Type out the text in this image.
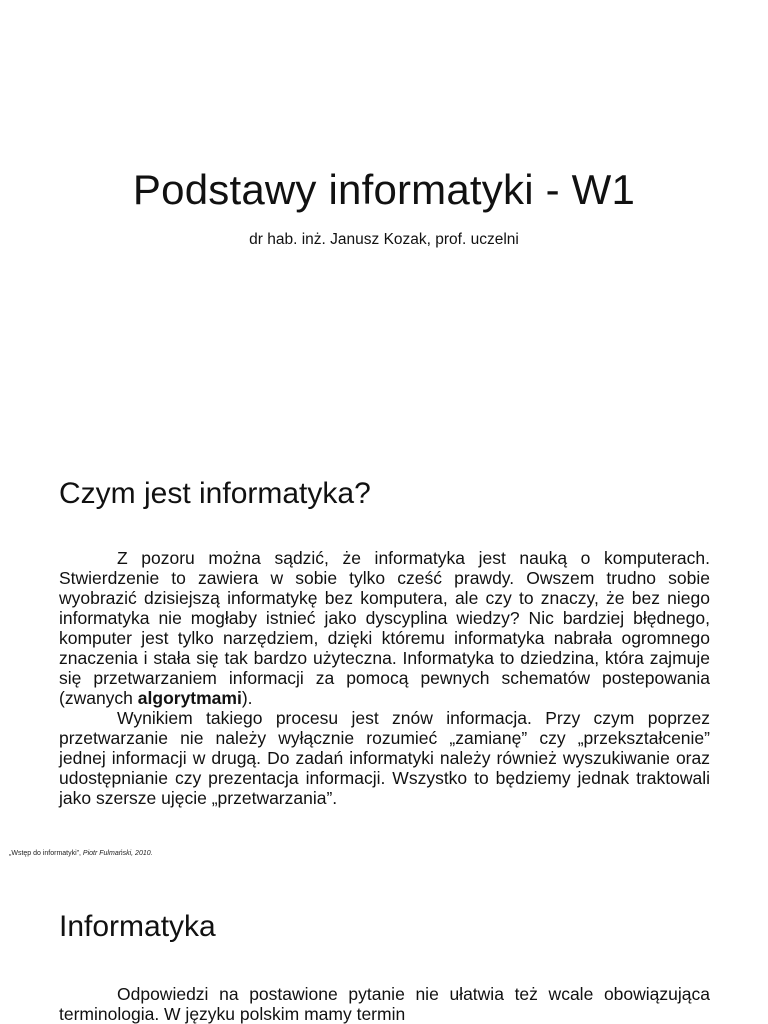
Podstawy informatyki - W1
dr hab. inż. Janusz Kozak, prof. uczelni
Czym jest informatyka?

Z pozoru można sądzić, że informatyka jest nauką o komputerach. Stwierdzenie to zawiera w sobie tylko cześć prawdy. Owszem trudno sobie wyobrazić dzisiejszą informatykę bez komputera, ale czy to znaczy, że bez niego informatyka nie mogłaby istnieć jako dyscyplina wiedzy? Nic bardziej błędnego, komputer jest tylko narzędziem, dzięki któremu informatyka nabrała ogromnego znaczenia i stała się tak bardzo użyteczna. Informatyka to dziedzina, która zajmuje się przetwarzaniem informacji za pomocą pewnych schematów postepowania (zwanych algorytmami).

Wynikiem takiego procesu jest znów informacja. Przy czym poprzez przetwarzanie nie należy wyłącznie rozumieć „zamianę” czy „przekształcenie” jednej informacji w drugą. Do zadań informatyki należy również wyszukiwanie oraz udostępnianie czy prezentacja informacji. Wszystko to będziemy jednak traktowali jako szersze ujęcie „przetwarzania”.

„Wstęp do informatyki”, Piotr Fulmański, 2010.
Informatyka

Odpowiedzi na postawione pytanie nie ułatwia też wcale obowiązująca terminologia. W języku polskim mamy termin
